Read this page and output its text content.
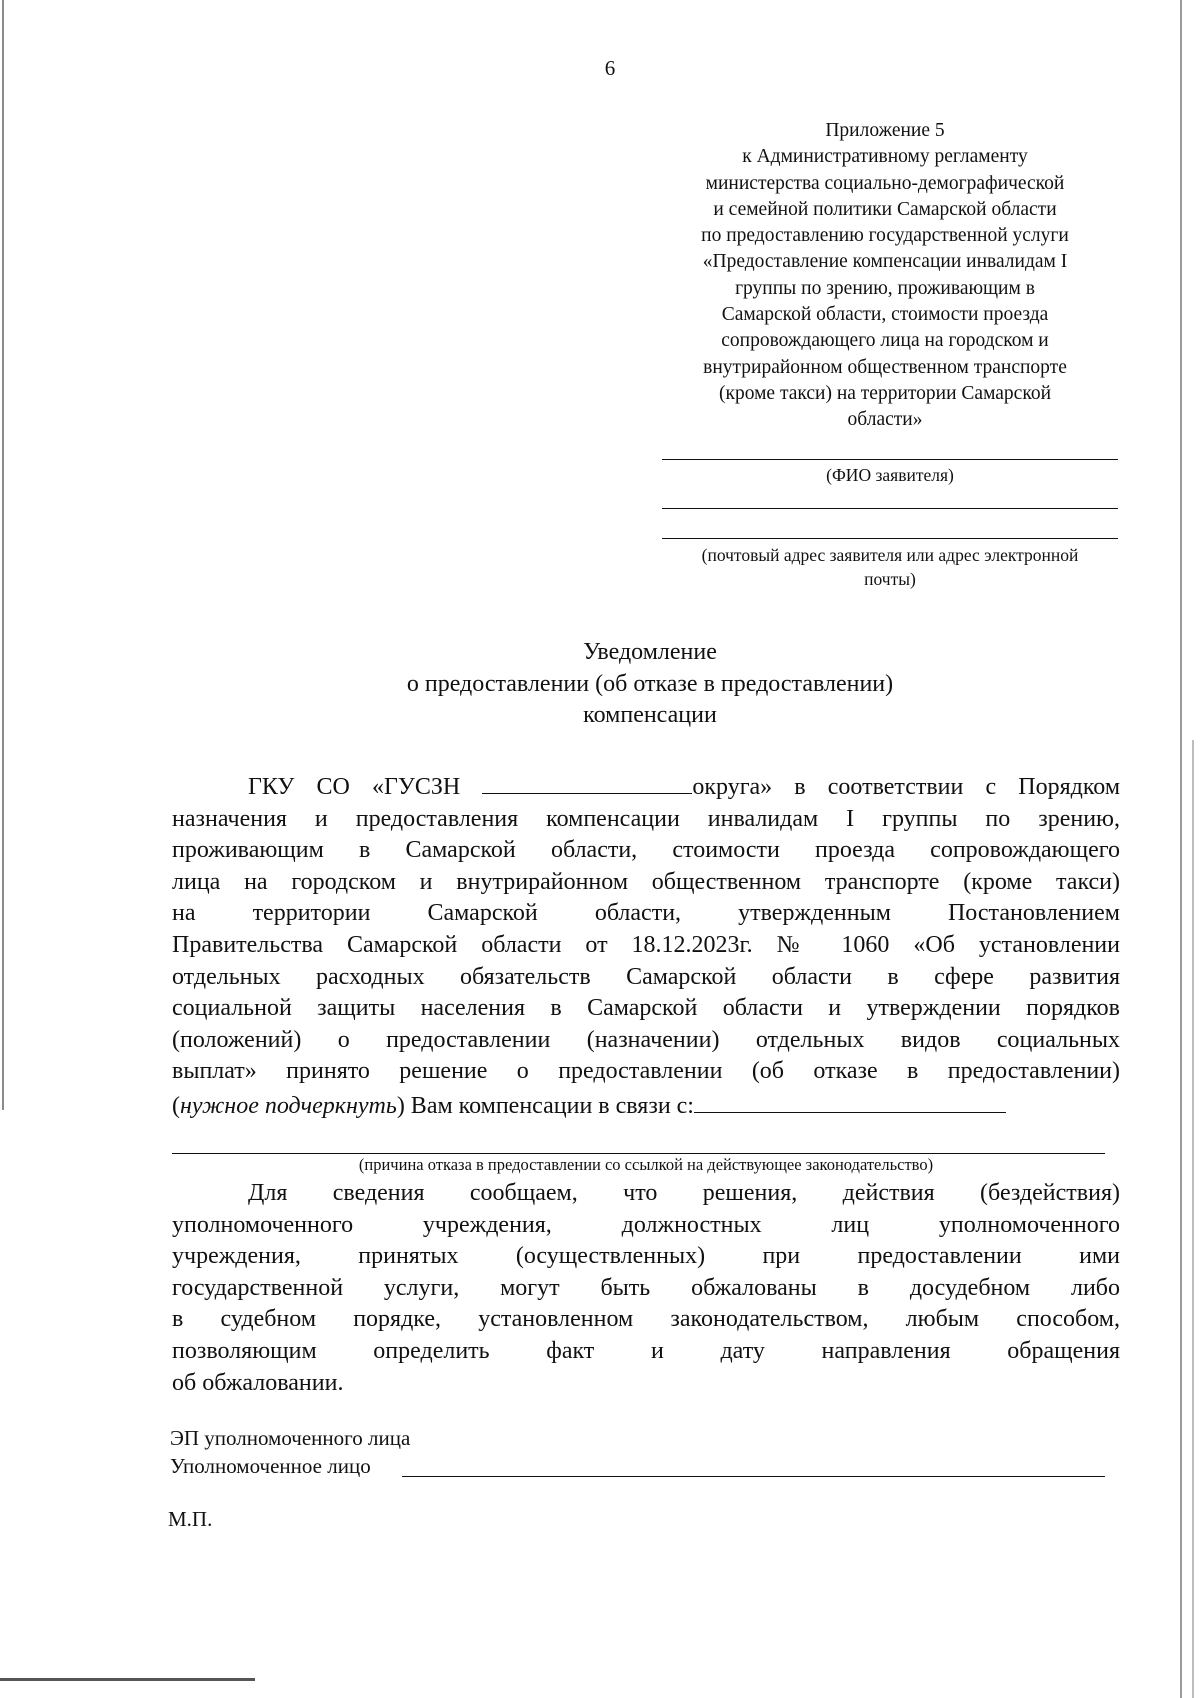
6
Приложение 5
к Административному регламенту
министерства социально-демографической
и семейной политики Самарской области
по предоставлению государственной услуги
«Предоставление компенсации инвалидам I
группы по зрению, проживающим в
Самарской области, стоимости проезда
сопровождающего лица на городском и
внутрирайонном общественном транспорте
(кроме такси) на территории Самарской
области»
(ФИО заявителя)
(почтовый адрес заявителя или адрес электронной
почты)
Уведомление
о предоставлении (об отказе в предоставлении)
компенсации
ГКУ СО «ГУСЗН	округа» в соответствии с Порядком
назначения и предоставления компенсации инвалидам I группы по зрению,
проживающим в Самарской области, стоимости проезда сопровождающего
лица на городском и внутрирайонном общественном транспорте (кроме такси)
на территории Самарской области, утвержденным Постановлением
Правительства Самарской области от 18.12.2023г. № 1060 «Об установлении
отдельных расходных обязательств Самарской области в сфере развития
социальной защиты населения в Самарской области и утверждении порядков
(положений) о предоставлении (назначении) отдельных видов социальных
выплат» принято решение о предоставлении (об отказе в предоставлении)
(нужное подчеркнуть) Вам компенсации в связи с:
(причина отказа в предоставлении со ссылкой на действующее законодательство)
Для сведения сообщаем, что решения, действия (бездействия)
уполномоченного учреждения, должностных лиц уполномоченного
учреждения, принятых (осуществленных) при предоставлении ими
государственной услуги, могут быть обжалованы в досудебном либо
в судебном порядке, установленном законодательством, любым способом,
позволяющим определить факт и дату направления обращения
об обжаловании.
ЭП уполномоченного лица
Уполномоченное лицо
М.П.
